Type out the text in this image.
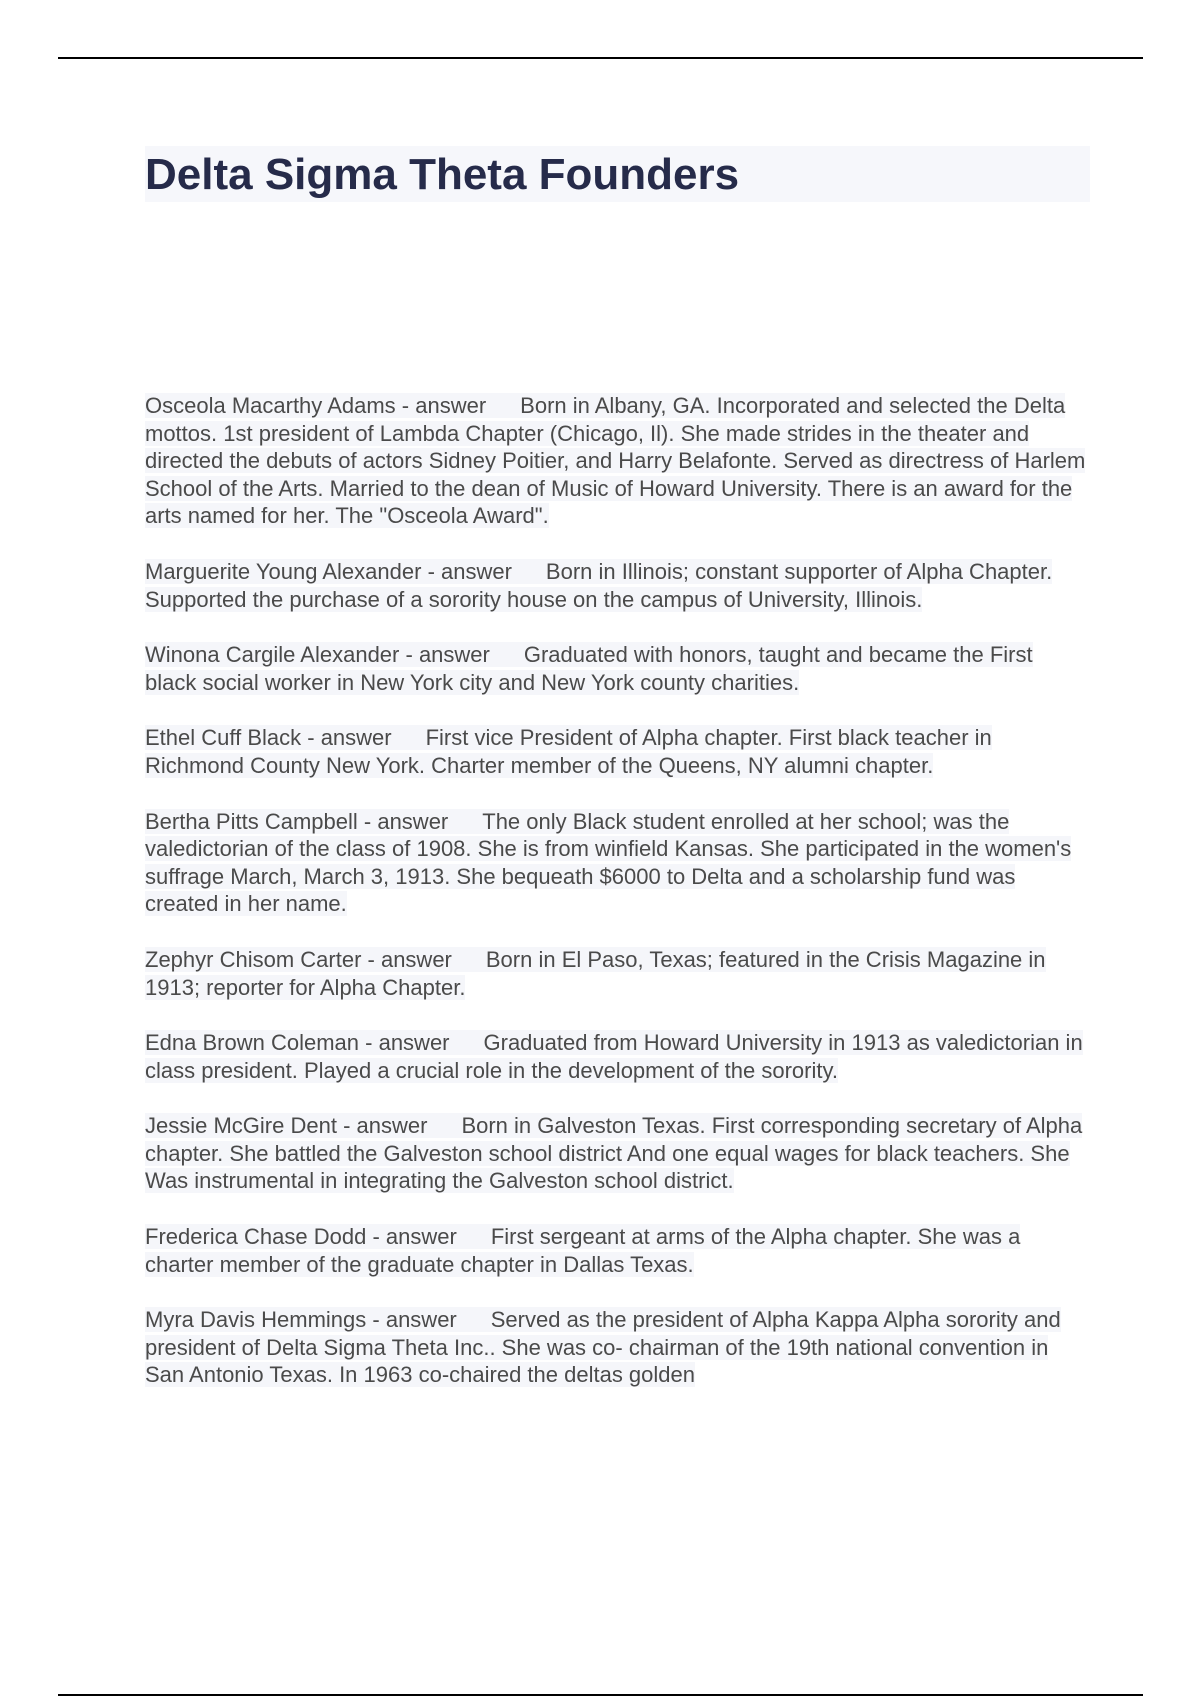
Delta Sigma Theta Founders

Osceola Macarthy Adams - answer Born in Albany, GA. Incorporated and selected the Delta mottos. 1st president of Lambda Chapter (Chicago, Il). She made strides in the theater and directed the debuts of actors Sidney Poitier, and Harry Belafonte. Served as directress of Harlem School of the Arts. Married to the dean of Music of Howard University. There is an award for the arts named for her. The "Osceola Award".

Marguerite Young Alexander - answer Born in Illinois; constant supporter of Alpha Chapter. Supported the purchase of a sorority house on the campus of University, Illinois.

Winona Cargile Alexander - answer Graduated with honors, taught and became the First black social worker in New York city and New York county charities.

Ethel Cuff Black - answer First vice President of Alpha chapter. First black teacher in Richmond County New York. Charter member of the Queens, NY alumni chapter.

Bertha Pitts Campbell - answer The only Black student enrolled at her school; was the valedictorian of the class of 1908. She is from winfield Kansas. She participated in the women's suffrage March, March 3, 1913. She bequeath $6000 to Delta and a scholarship fund was created in her name.

Zephyr Chisom Carter - answer Born in El Paso, Texas; featured in the Crisis Magazine in 1913; reporter for Alpha Chapter.

Edna Brown Coleman - answer Graduated from Howard University in 1913 as valedictorian in class president. Played a crucial role in the development of the sorority.

Jessie McGire Dent - answer Born in Galveston Texas. First corresponding secretary of Alpha chapter. She battled the Galveston school district And one equal wages for black teachers. She Was instrumental in integrating the Galveston school district.

Frederica Chase Dodd - answer First sergeant at arms of the Alpha chapter. She was a charter member of the graduate chapter in Dallas Texas.

Myra Davis Hemmings - answer Served as the president of Alpha Kappa Alpha sorority and president of Delta Sigma Theta Inc.. She was co- chairman of the 19th national convention in San Antonio Texas. In 1963 co-chaired the deltas golden
